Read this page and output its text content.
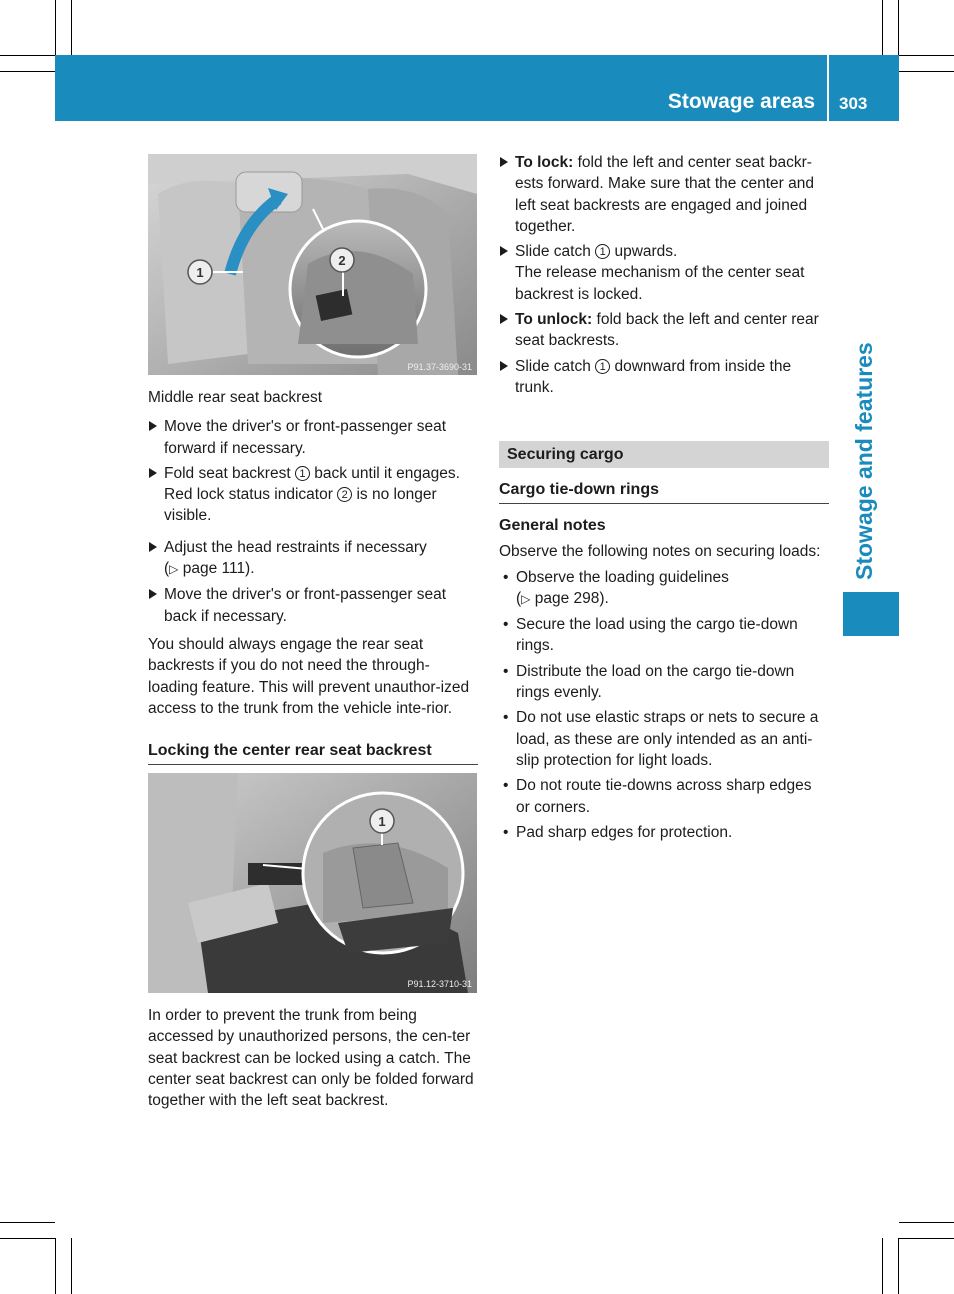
Stowage areas 303
Stowage and features
2
1
P91.37-3690-31

Middle rear seat backrest

Move the driver's or front-passenger seat forward if necessary.
Fold seat backrest 1 back until it engages. Red lock status indicator 2 is no longer visible.
Adjust the head restraints if necessary
(▷ page 111).
Move the driver's or front-passenger seat back if necessary.

You should always engage the rear seat backrests if you do not need the through-loading feature. This will prevent unauthor-ized access to the trunk from the vehicle inte-rior.

Locking the center rear seat backrest
1
P91.12-3710-31

In order to prevent the trunk from being accessed by unauthorized persons, the cen-ter seat backrest can be locked using a catch. The center seat backrest can only be folded forward together with the left seat backrest.

To lock: fold the left and center seat backr-ests forward. Make sure that the center and left seat backrests are engaged and joined together.
Slide catch 1 upwards.
The release mechanism of the center seat backrest is locked.
To unlock: fold back the left and center rear seat backrests.
Slide catch 1 downward from inside the trunk.
Securing cargo
Cargo tie-down rings
General notes

Observe the following notes on securing loads:

• Observe the loading guidelines
(▷ page 298).
• Secure the load using the cargo tie-down rings.
• Distribute the load on the cargo tie-down rings evenly.
• Do not use elastic straps or nets to secure a load, as these are only intended as an anti-slip protection for light loads.
• Do not route tie-downs across sharp edges or corners.
• Pad sharp edges for protection.
